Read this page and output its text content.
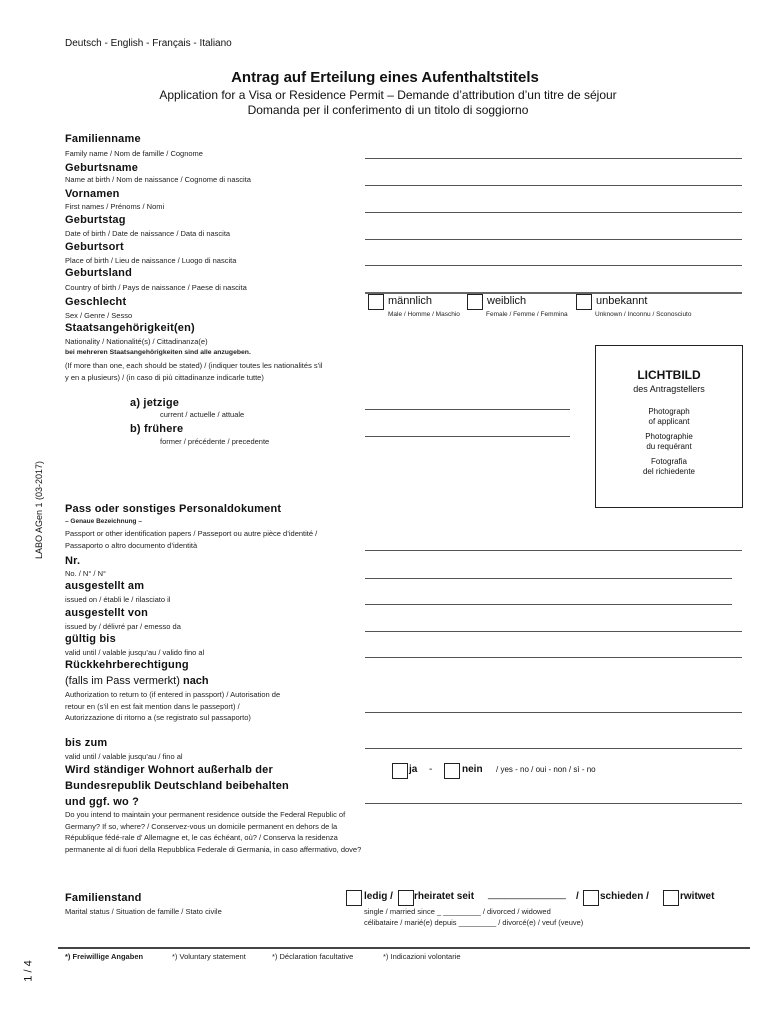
Deutsch - English - Français - Italiano
Antrag auf Erteilung eines Aufenthaltstitels
Application for a Visa or Residence Permit – Demande d’attribution d’un titre de séjour
Domanda per il conferimento di un titolo di soggiorno
LABO AGen 1 (03-2017)
1 / 4
Familienname
Family name / Nom de famille / Cognome
Geburtsname
Name at birth / Nom de naissance / Cognome di nascita
Vornamen
First names / Prénoms / Nomi
Geburtstag
Date of birth / Date de naissance / Data di nascita
Geburtsort
Place of birth / Lieu de naissance / Luogo di nascita
Geburtsland
Country of birth / Pays de naissance / Paese di nascita
Geschlecht
Sex / Genre / Sesso
männlich
Male / Homme / Maschio
weiblich
Female / Femme / Femmina
unbekannt
Unknown / Inconnu / Sconosciuto
Staatsangehörigkeit(en)
Nationality / Nationalité(s) / Cittadinanza(e)
bei mehreren Staatsangehörigkeiten sind alle anzugeben.
(If more than one, each should be stated) / (indiquer toutes les nationalités s'il y en a plusieurs) / (in caso di più cittadinanze indicarle tutte)
a) jetzige
current / actuelle / attuale
b) frühere
former / précédente / precedente
LICHTBILD
des Antragstellers
Photograph
of applicant
Photographie
du requérant
Fotografia
del richiedente
Pass oder sonstiges Personaldokument
– Genaue Bezeichnung –
Passport or other identification papers / Passeport ou autre pièce d’identité / Passaporto o altro documento d’identità
Nr.
No. / N° / N°
ausgestellt am
issued on / établi le / rilasciato il
ausgestellt von
issued by / délivré par / emesso da
gültig bis
valid until / valable jusqu’au / valido fino al
Rückkehrberechtigung
(falls im Pass vermerkt) nach
Authorization to return to (if entered in passport) / Autorisation de retour en (s’il en est fait mention dans le passeport) / Autorizzazione di ritorno a (se registrato sul passaporto)
bis zum
valid until / valable jusqu’au / fino al
Wird ständiger Wohnort außerhalb der
Bundesrepublik Deutschland beibehalten
und ggf. wo ?
Do you intend to maintain your permanent residence outside the Federal Republic of Germany? If so, where? / Conservez-vous un domicile permanent en dehors de la République fédé-rale d’ Allemagne et, le cas échéant, où? / Conserva la residenza permanente al di fuori della Repubblica Federale di Germania, in caso affermativo, dove?
ja -	nein / yes - no / oui - non / sì - no
Familienstand
Marital status / Situation de famille / Stato civile
ledig / rheiratet seit ______________ / schieden /	rwitwet
single / married since _ _________ / divorced / widowed
célibataire / marié(e) depuis _________ / divorcé(e) / veuf (veuve)
*) Freiwillige Angaben	*) Voluntary statement	*) Déclaration facultative	*) Indicazioni volontarie
